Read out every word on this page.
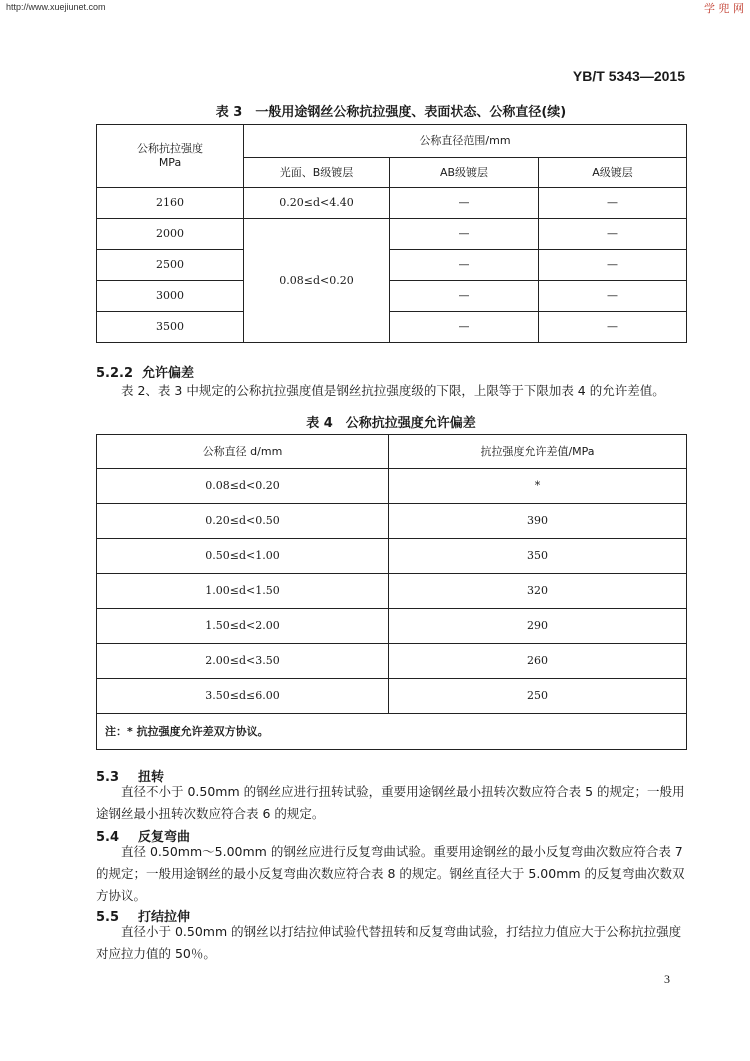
http://www.xuejiunet.com	学 兜 网
YB/T 5343—2015
表 3　一般用途钢丝公称抗拉强度、表面状态、公称直径(续)
公称抗拉强度
MPa	公称直径范围/mm		
	光面、B级镀层	AB级镀层	A级镀层
2160	0.20≤d<4.40	—	—
2000	0.08≤d<0.20	—	—
2500		—	—
3000		—	—
3500		—	—
5.2.2 允许偏差
表 2、表 3 中规定的公称抗拉强度值是钢丝抗拉强度级的下限，上限等于下限加表 4 的允许差值。
表 4　公称抗拉强度允许偏差
公称直径 d/mm	抗拉强度允许差值/MPa
0.08≤d<0.20	*
0.20≤d<0.50	390
0.50≤d<1.00	350
1.00≤d<1.50	320
1.50≤d<2.00	290
2.00≤d<3.50	260
3.50≤d≤6.00	250
注：* 抗拉强度允许差双方协议。	
5.3 扭转
直径不小于 0.50mm 的钢丝应进行扭转试验，重要用途钢丝最小扭转次数应符合表 5 的规定；一般用途钢丝最小扭转次数应符合表 6 的规定。
5.4 反复弯曲
直径 0.50mm～5.00mm 的钢丝应进行反复弯曲试验。重要用途钢丝的最小反复弯曲次数应符合表 7 的规定；一般用途钢丝的最小反复弯曲次数应符合表 8 的规定。钢丝直径大于 5.00mm 的反复弯曲次数双方协议。
5.5 打结拉伸
直径小于 0.50mm 的钢丝以打结拉伸试验代替扭转和反复弯曲试验，打结拉力值应大于公称抗拉强度对应拉力值的 50％。
3
